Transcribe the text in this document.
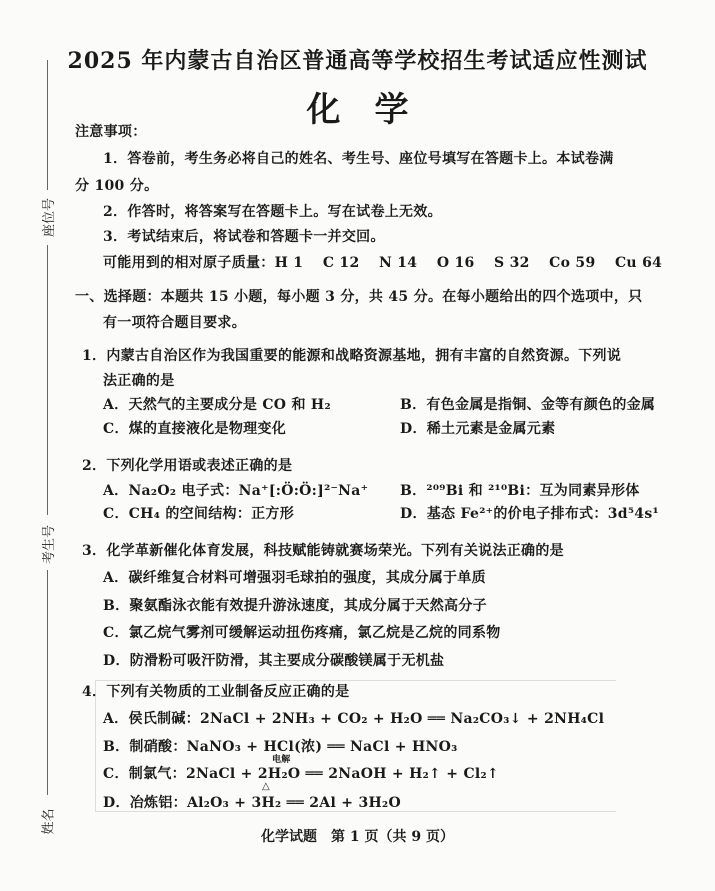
座位号
考生号
姓名
2025 年内蒙古自治区普通高等学校招生考试适应性测试
化　学
注意事项：
1．答卷前，考生务必将自己的姓名、考生号、座位号填写在答题卡上。本试卷满
分 100 分。
2．作答时，将答案写在答题卡上。写在试卷上无效。
3．考试结束后，将试卷和答题卡一并交回。
可能用到的相对原子质量：H 1　 C 12　 N 14　 O 16　 S 32　 Co 59　 Cu 64
一、选择题：本题共 15 小题，每小题 3 分，共 45 分。在每小题给出的四个选项中，只
有一项符合题目要求。
1．内蒙古自治区作为我国重要的能源和战略资源基地，拥有丰富的自然资源。下列说
法正确的是
A．天然气的主要成分是 CO 和 H₂	B．有色金属是指铜、金等有颜色的金属
C．煤的直接液化是物理变化	D．稀土元素是金属元素
2．下列化学用语或表述正确的是
A．Na₂O₂ 电子式：Na⁺[:Ö:Ö:]²⁻Na⁺ B．²⁰⁹Bi 和 ²¹⁰Bi：互为同素异形体
C．CH₄ 的空间结构：正方形	D．基态 Fe²⁺的价电子排布式：3d⁵4s¹
3．化学革新催化体育发展，科技赋能铸就赛场荣光。下列有关说法正确的是
A．碳纤维复合材料可增强羽毛球拍的强度，其成分属于单质
B．聚氨酯泳衣能有效提升游泳速度，其成分属于天然高分子
C．氯乙烷气雾剂可缓解运动扭伤疼痛，氯乙烷是乙烷的同系物
D．防滑粉可吸汗防滑，其主要成分碳酸镁属于无机盐
4．下列有关物质的工业制备反应正确的是
A．侯氏制碱：2NaCl + 2NH₃ + CO₂ + H₂O ══ Na₂CO₃↓ + 2NH₄Cl
B．制硝酸：NaNO₃ + HCl(浓) ══ NaCl + HNO₃
电解
C．制氯气：2NaCl + 2H₂O ══ 2NaOH + H₂↑ + Cl₂↑
△
D．冶炼铝：Al₂O₃ + 3H₂ ══ 2Al + 3H₂O
化学试题　第 1 页（共 9 页）
